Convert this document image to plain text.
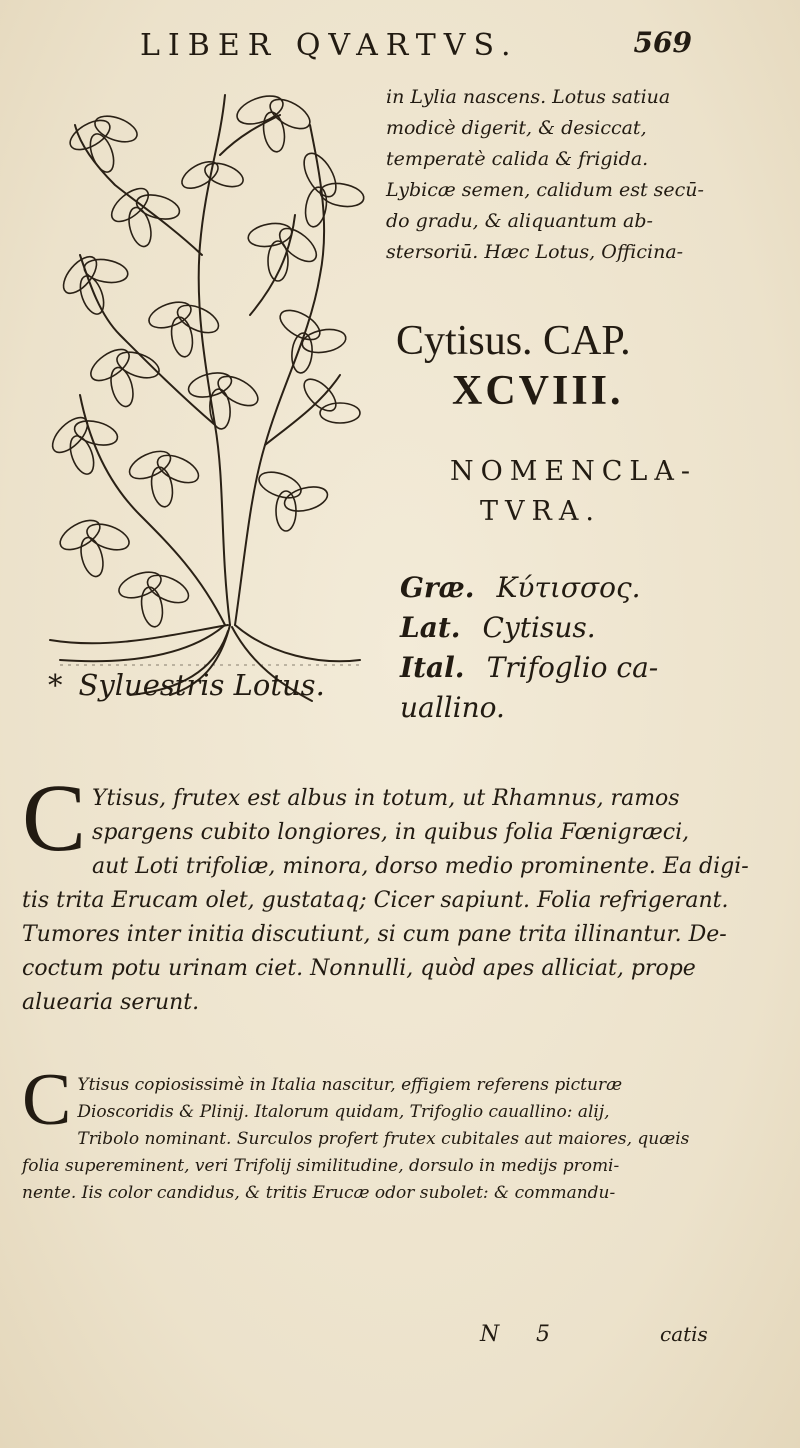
LIBER QVARTVS.	569
* Syluestris Lotus.
in Lylia nascens. Lotus satiua
modicè digerit, & desiccat,
temperatè calida & frigida.
Lybicæ semen, calidum est secū-
do gradu, & aliquantum ab-
stersoriū. Hæc Lotus, Officina-
Cytisus. CAP.
XCVIII.
NOMENCLA-
TVRA.
Græ. Κύτισσος.
Lat. Cytisus.
Ital. Trifoglio ca-
uallino.
C Ytisus, frutex est albus in totum, ut Rhamnus, ramos
spargens cubito longiores, in quibus folia Fœnigræci,
aut Loti trifoliæ, minora, dorso medio prominente. Ea digi-
tis trita Erucam olet, gustataq; Cicer sapiunt. Folia refrigerant.
Tumores inter initia discutiunt, si cum pane trita illinantur. De-
coctum potu urinam ciet. Nonnulli, quòd apes alliciat, prope
aluearia serunt.
C Ytisus copiosissimè in Italia nascitur, effigiem referens picturæ
Dioscoridis & Plinij. Italorum quidam, Trifoglio cauallino: alij,
Tribolo nominant. Surculos profert frutex cubitales aut maiores, quæis
folia supereminent, veri Trifolij similitudine, dorsulo in medijs promi-
nente. Iis color candidus, & tritis Erucæ odor subolet: & commandu-
N 5	catis
